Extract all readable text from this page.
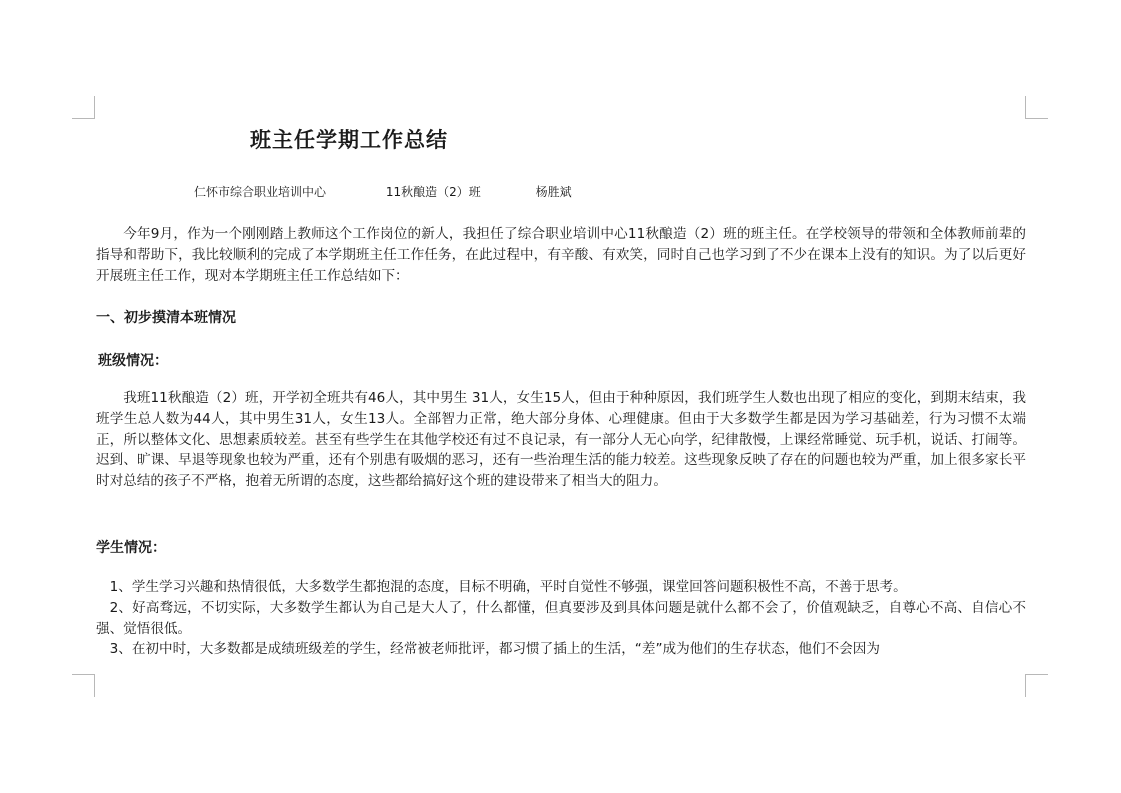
班主任学期工作总结
仁怀市综合职业培训中心	11秋酿造（2）班	杨胜斌

今年9月，作为一个刚刚踏上教师这个工作岗位的新人，我担任了综合职业培训中心11秋酿造（2）班的班主任。在学校领导的带领和全体教师前辈的指导和帮助下，我比较顺利的完成了本学期班主任工作任务，在此过程中，有辛酸、有欢笑，同时自己也学习到了不少在课本上没有的知识。为了以后更好开展班主任工作，现对本学期班主任工作总结如下：

一、初步摸清本班情况
班级情况：

我班11秋酿造（2）班，开学初全班共有46人，其中男生 31人，女生15人，但由于种种原因，我们班学生人数也出现了相应的变化，到期末结束，我班学生总人数为44人，其中男生31人，女生13人。全部智力正常，绝大部分身体、心理健康。但由于大多数学生都是因为学习基础差，行为习惯不太端正，所以整体文化、思想素质较差。甚至有些学生在其他学校还有过不良记录，有一部分人无心向学，纪律散慢，上课经常睡觉、玩手机，说话、打闹等。迟到、旷课、早退等现象也较为严重，还有个别患有吸烟的恶习，还有一些治理生活的能力较差。这些现象反映了存在的问题也较为严重，加上很多家长平时对总结的孩子不严格，抱着无所谓的态度，这些都给搞好这个班的建设带来了相当大的阻力。

学生情况：

1、学生学习兴趣和热情很低，大多数学生都抱混的态度，目标不明确，平时自觉性不够强，课堂回答问题积极性不高，不善于思考。

2、好高骛远，不切实际，大多数学生都认为自己是大人了，什么都懂，但真要涉及到具体问题是就什么都不会了，价值观缺乏，自尊心不高、自信心不强、觉悟很低。

3、在初中时，大多数都是成绩班级差的学生，经常被老师批评，都习惯了插上的生活，“差”成为他们的生存状态，他们不会因为
